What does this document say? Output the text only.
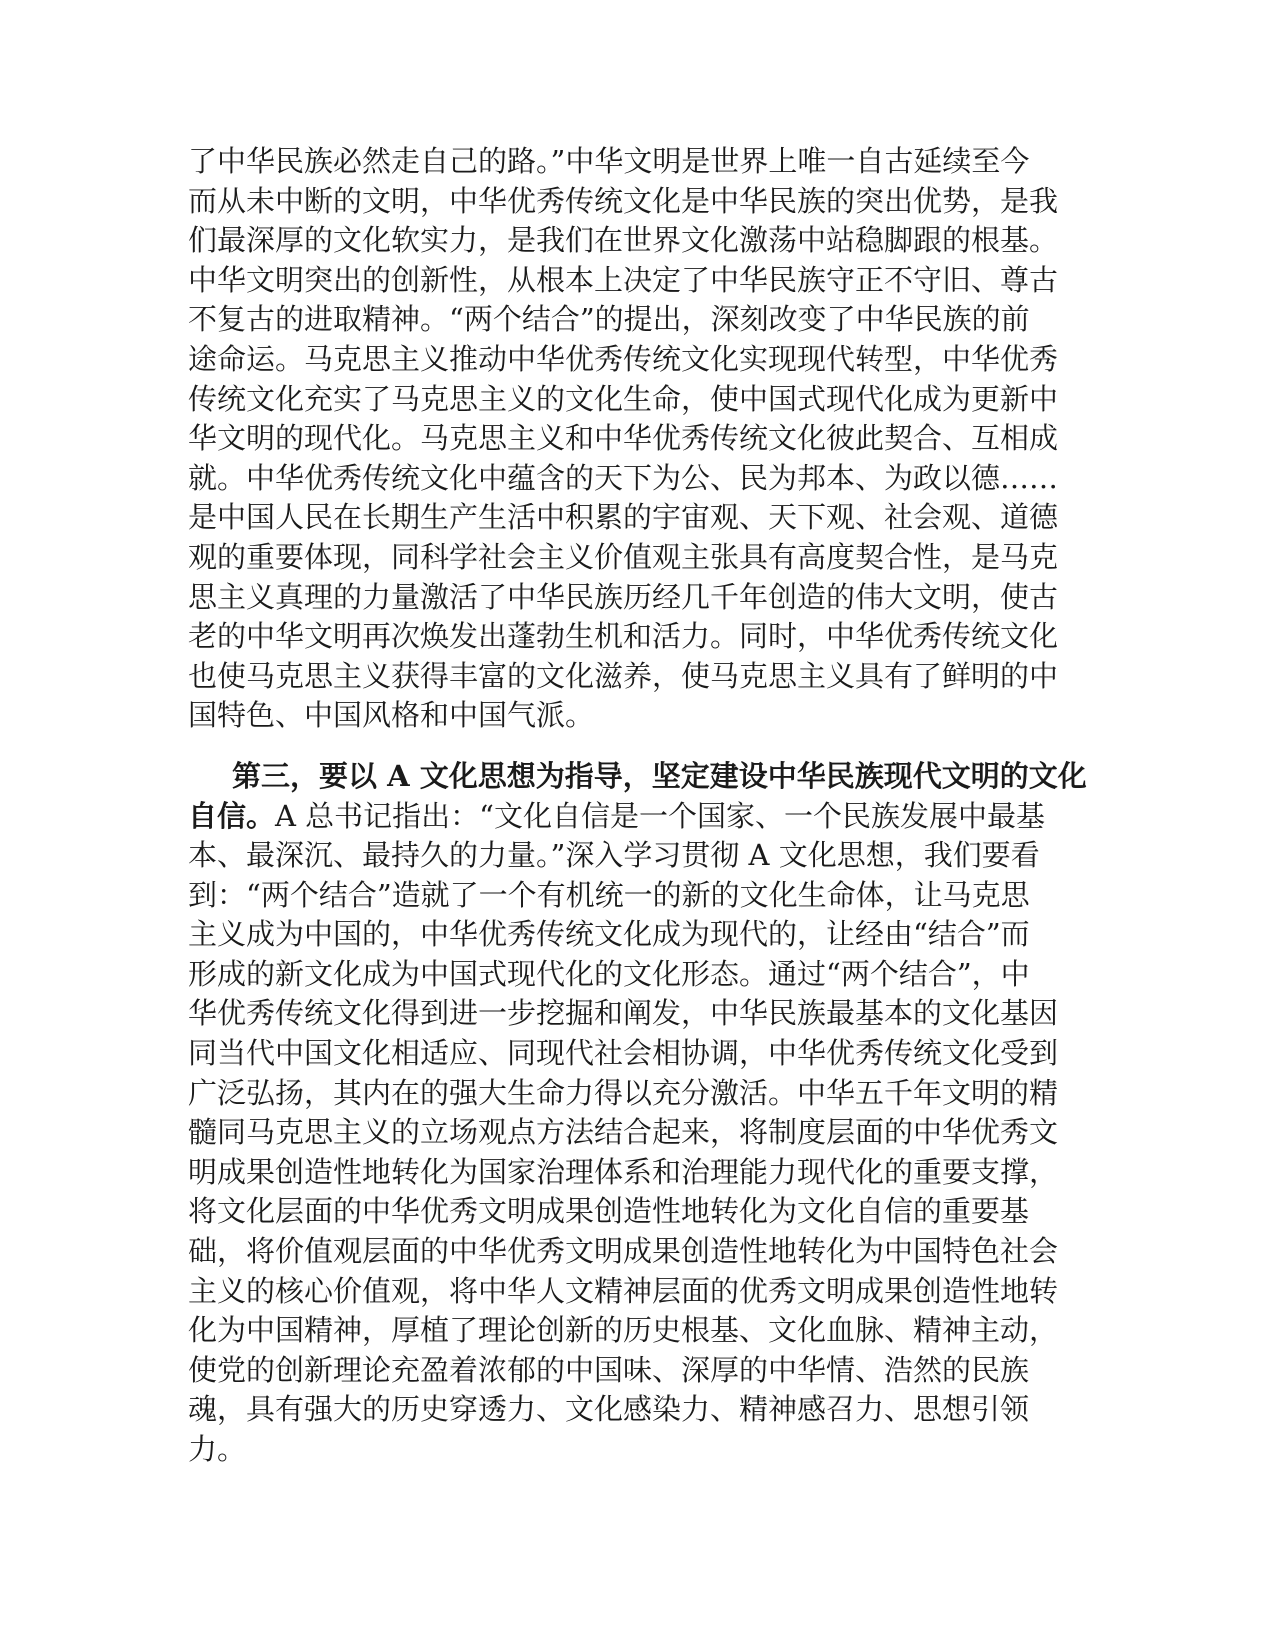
了中华民族必然走自己的路。”中华文明是世界上唯一自古延续至今
而从未中断的文明，中华优秀传统文化是中华民族的突出优势，是我
们最深厚的文化软实力，是我们在世界文化激荡中站稳脚跟的根基。
中华文明突出的创新性，从根本上决定了中华民族守正不守旧、尊古
不复古的进取精神。“两个结合”的提出，深刻改变了中华民族的前
途命运。马克思主义推动中华优秀传统文化实现现代转型，中华优秀
传统文化充实了马克思主义的文化生命，使中国式现代化成为更新中
华文明的现代化。马克思主义和中华优秀传统文化彼此契合、互相成
就。中华优秀传统文化中蕴含的天下为公、民为邦本、为政以德……
是中国人民在长期生产生活中积累的宇宙观、天下观、社会观、道德
观的重要体现，同科学社会主义价值观主张具有高度契合性，是马克
思主义真理的力量激活了中华民族历经几千年创造的伟大文明，使古
老的中华文明再次焕发出蓬勃生机和活力。同时，中华优秀传统文化
也使马克思主义获得丰富的文化滋养，使马克思主义具有了鲜明的中
国特色、中国风格和中国气派。
第三，要以 A 文化思想为指导，坚定建设中华民族现代文明的文化
自信。A 总书记指出：“文化自信是一个国家、一个民族发展中最基
本、最深沉、最持久的力量。”深入学习贯彻 A 文化思想，我们要看
到：“两个结合”造就了一个有机统一的新的文化生命体，让马克思
主义成为中国的，中华优秀传统文化成为现代的，让经由“结合”而
形成的新文化成为中国式现代化的文化形态。通过“两个结合”，中
华优秀传统文化得到进一步挖掘和阐发，中华民族最基本的文化基因
同当代中国文化相适应、同现代社会相协调，中华优秀传统文化受到
广泛弘扬，其内在的强大生命力得以充分激活。中华五千年文明的精
髓同马克思主义的立场观点方法结合起来，将制度层面的中华优秀文
明成果创造性地转化为国家治理体系和治理能力现代化的重要支撑，
将文化层面的中华优秀文明成果创造性地转化为文化自信的重要基
础，将价值观层面的中华优秀文明成果创造性地转化为中国特色社会
主义的核心价值观，将中华人文精神层面的优秀文明成果创造性地转
化为中国精神，厚植了理论创新的历史根基、文化血脉、精神主动，
使党的创新理论充盈着浓郁的中国味、深厚的中华情、浩然的民族
魂，具有强大的历史穿透力、文化感染力、精神感召力、思想引领
力。
